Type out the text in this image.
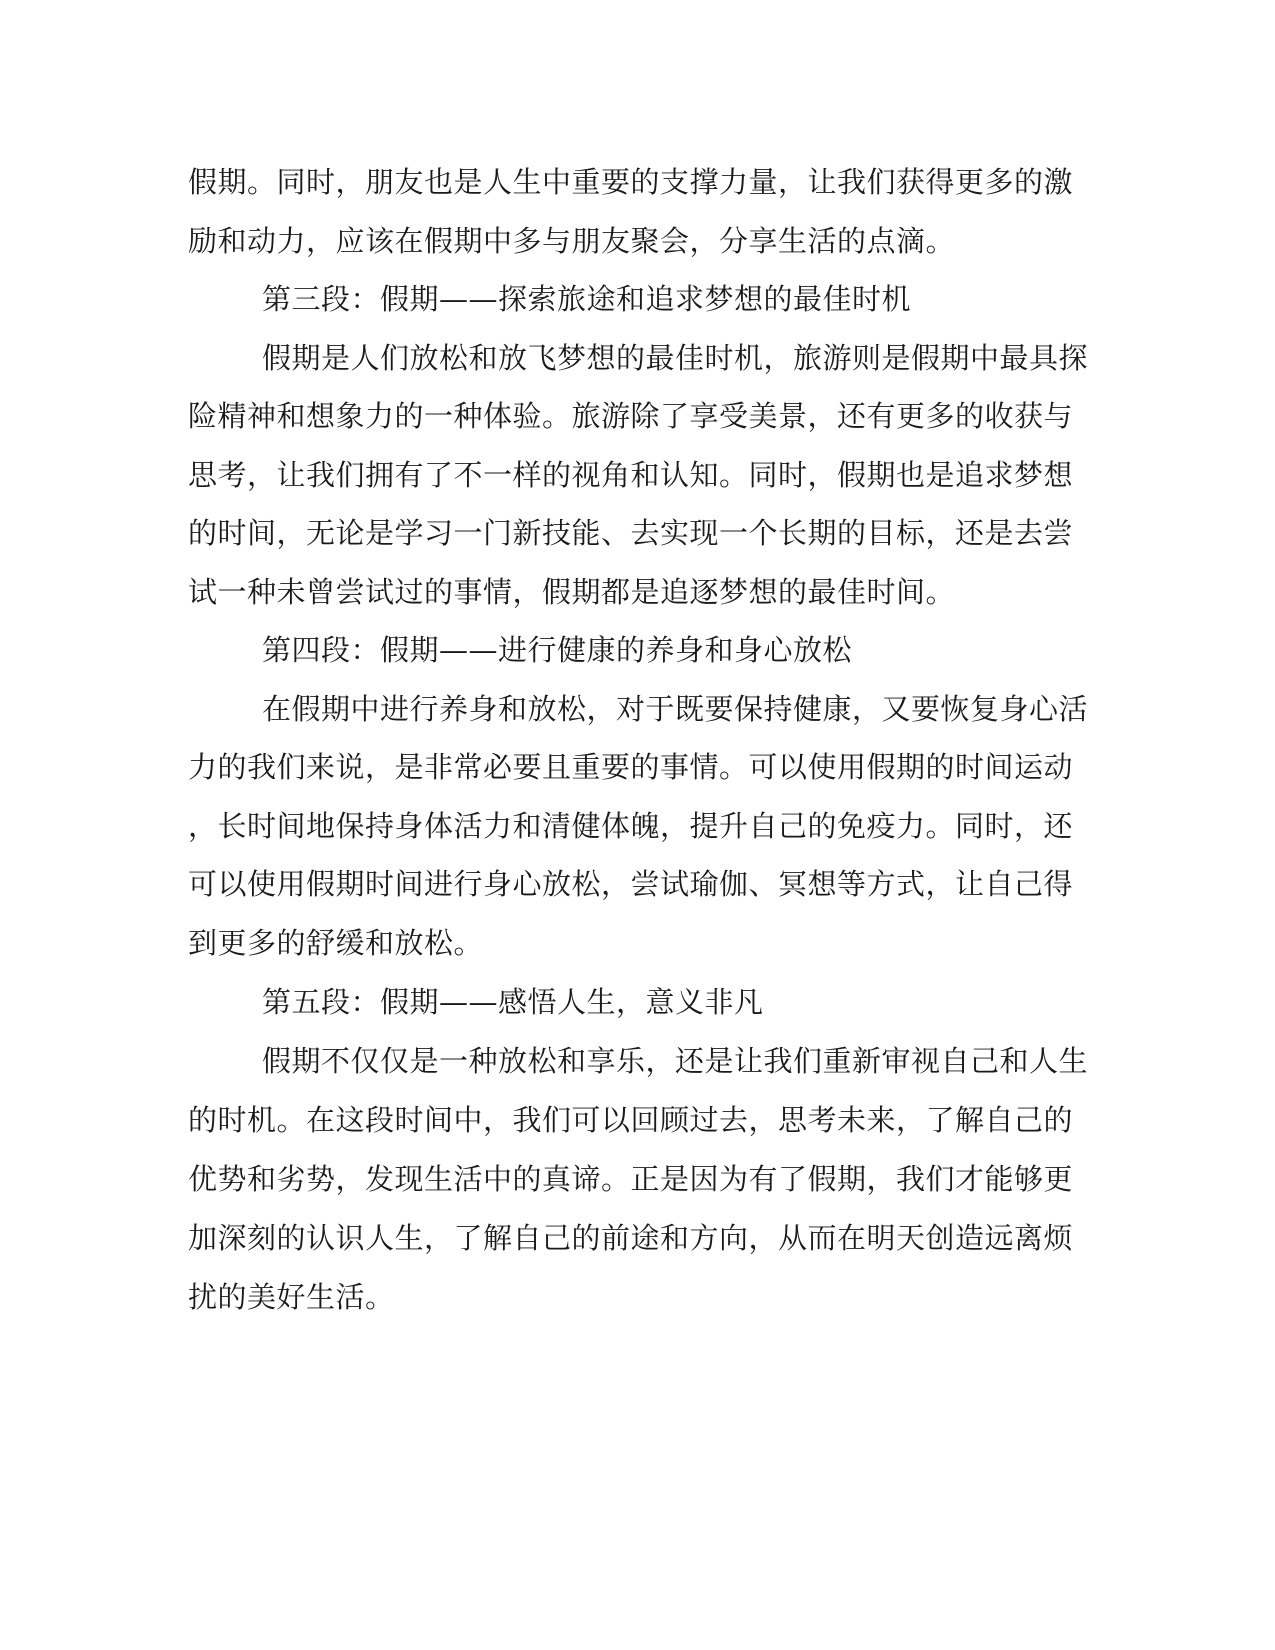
假期。同时，朋友也是人生中重要的支撑力量，让我们获得更多的激

励和动力，应该在假期中多与朋友聚会，分享生活的点滴。

第三段：假期——探索旅途和追求梦想的最佳时机

假期是人们放松和放飞梦想的最佳时机，旅游则是假期中最具探

险精神和想象力的一种体验。旅游除了享受美景，还有更多的收获与

思考，让我们拥有了不一样的视角和认知。同时，假期也是追求梦想

的时间，无论是学习一门新技能、去实现一个长期的目标，还是去尝

试一种未曾尝试过的事情，假期都是追逐梦想的最佳时间。

第四段：假期——进行健康的养身和身心放松

在假期中进行养身和放松，对于既要保持健康，又要恢复身心活

力的我们来说，是非常必要且重要的事情。可以使用假期的时间运动

，长时间地保持身体活力和清健体魄，提升自己的免疫力。同时，还

可以使用假期时间进行身心放松，尝试瑜伽、冥想等方式，让自己得

到更多的舒缓和放松。

第五段：假期——感悟人生，意义非凡

假期不仅仅是一种放松和享乐，还是让我们重新审视自己和人生

的时机。在这段时间中，我们可以回顾过去，思考未来，了解自己的

优势和劣势，发现生活中的真谛。正是因为有了假期，我们才能够更

加深刻的认识人生，了解自己的前途和方向，从而在明天创造远离烦

扰的美好生活。
